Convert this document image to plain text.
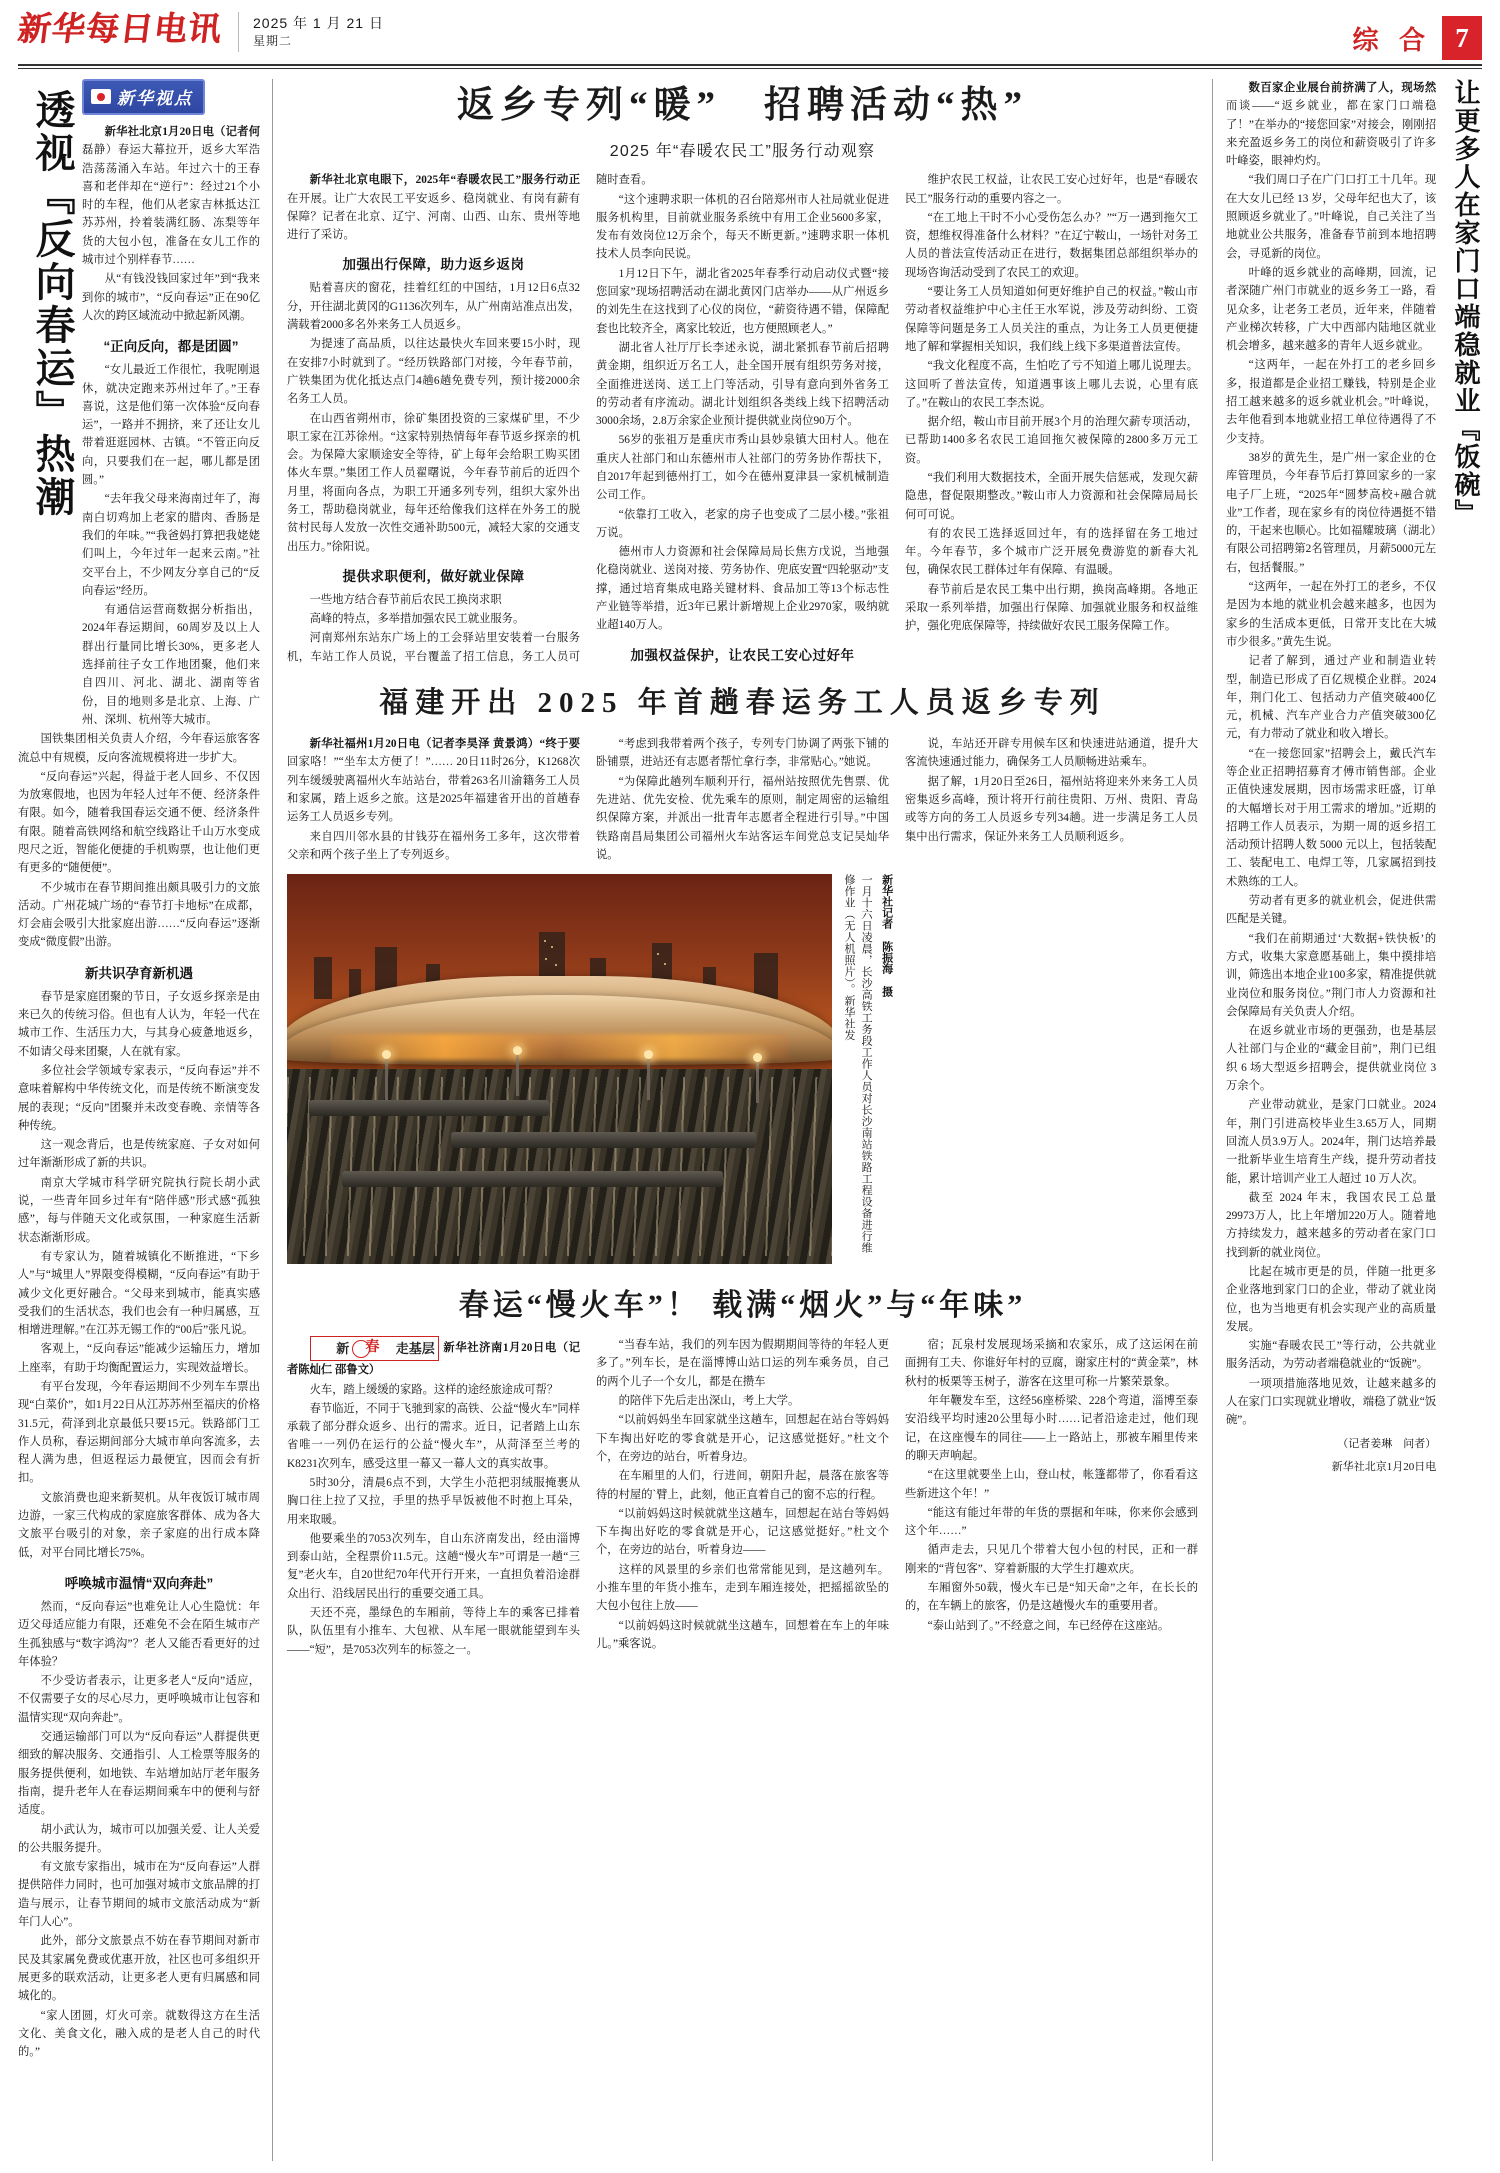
新华每日电讯 2025 年 1 月 21 日
星期二	综 合 7
透视『反向春运』热潮 新华视点

新华社北京1月20日电（记者何磊静）春运大幕拉开，返乡大军浩浩荡荡涌入车站。年过六十的王春喜和老伴却在“逆行”：经过21个小时的车程，他们从老家吉林抵达江苏苏州，拎着装满红肠、冻梨等年货的大包小包，准备在女儿工作的城市过个别样春节……

从“有钱没钱回家过年”到“我来到你的城市”，“反向春运”正在90亿人次的跨区域流动中掀起新风潮。

“正向反向，都是团圆”

“女儿最近工作很忙，我呢刚退休，就决定跑来苏州过年了。”王春喜说，这是他们第一次体验“反向春运”，一路并不拥挤，来了还让女儿带着逛逛园林、古镇。“不管正向反向，只要我们在一起，哪儿都是团圆。”

“去年我父母来海南过年了，海南白切鸡加上老家的腊肉、香肠是我们的年味。”“我爸妈打算把我姥姥们叫上，今年过年一起来云南。”社交平台上，不少网友分享自己的“反向春运”经历。

有通信运营商数据分析指出，2024年春运期间，60周岁及以上人群出行量同比增长30%，更多老人选择前往子女工作地团聚，他们来自四川、河北、湖北、湖南等省份，目的地则多是北京、上海、广州、深圳、杭州等大城市。

国铁集团相关负责人介绍，今年春运旅客客流总中有规模，反向客流规模将进一步扩大。

“反向春运”兴起，得益于老人回乡、不仅因为放寒假地，也因为年轻人过年不便、经济条件有限。如今，随着我国春运交通不便、经济条件有限。随着高铁网络和航空线路让千山万水变成咫尺之近，智能化便捷的手机购票，也让他们更有更多的“随便便”。

不少城市在春节期间推出颇具吸引力的文旅活动。广州花城广场的“春节打卡地标”在成都，灯会庙会吸引大批家庭出游……“反向春运”逐渐变成“微度假”出游。

新共识孕育新机遇

春节是家庭团聚的节日，子女返乡探亲是由来已久的传统习俗。但也有人认为，年轻一代在城市工作、生活压力大，与其身心疲惫地返乡，不如请父母来团聚，人在就有家。

多位社会学领域专家表示，“反向春运”并不意味着解构中华传统文化，而是传统不断演变发展的表现；“反向”团聚并未改变春晚、亲情等各种传统。

这一观念背后，也是传统家庭、子女对如何过年渐渐形成了新的共识。

南京大学城市科学研究院执行院长胡小武说，一些青年回乡过年有“陪伴感”形式感“孤独感”，每与伴随天文化或氛围，一种家庭生活新状态渐渐形成。

有专家认为，随着城镇化不断推进，“下乡人”与“城里人”界限变得模糊，“反向春运”有助于减少文化更好融合。“父母来到城市，能真实感受我们的生活状态，我们也会有一种归属感，互相增进理解。”在江苏无锡工作的“00后”张凡说。

客观上，“反向春运”能减少运输压力，增加上座率，有助于均衡配置运力，实现效益增长。

有平台发现，今年春运期间不少列车车票出现“白菜价”，如1月22日从江苏苏州至福庆的价格31.5元，荷泽到北京最低只要15元。铁路部门工作人员称，春运期间部分大城市单向客流多，去程人满为患，但返程运力最便宜，因而会有折扣。

文旅消费也迎来新契机。从年夜饭订城市周边游，一家三代构成的家庭旅客群体、成为各大文旅平台吸引的对象，亲子家庭的出行成本降低，对平台同比增长75%。

呼唤城市温情“双向奔赴”

然而，“反向春运”也难免让人心生隐忧：年迈父母适应能力有限，还难免不会在陌生城市产生孤独感与“数字鸿沟”？老人又能否看更好的过年体验？

不少受访者表示，让更多老人“反向”适应，不仅需要子女的尽心尽力，更呼唤城市让包容和温情实现“双向奔赴”。

交通运输部门可以为“反向春运”人群提供更细致的解决服务、交通指引、人工检票等服务的服务提供便利，如地铁、车站增加站厅老年服务指南，提升老年人在春运期间乘车中的便利与舒适度。

胡小武认为，城市可以加强关爱、让人关爱的公共服务提升。

有文旅专家指出，城市在为“反向春运”人群提供陪伴力同时，也可加强对城市文旅品牌的打造与展示，让春节期间的城市文旅活动成为“新年门人心”。

此外，部分文旅景点不妨在春节期间对新市民及其家属免费或优惠开放，社区也可多组织开展更多的联欢活动，让更多老人更有归属感和同城化的。

“家人团圆，灯火可亲。就数得这方在生活文化、美食文化，融入成的是老人自己的时代的。”

返乡专列“暖”　招聘活动“热”
2025 年“春暖农民工”服务行动观察

新华社北京电眼下，2025年“春暖农民工”服务行动正在开展。让广大农民工平安返乡、稳岗就业、有岗有薪有保障？记者在北京、辽宁、河南、山西、山东、贵州等地进行了采访。

加强出行保障，助力返乡返岗

贴着喜庆的窗花，挂着红红的中国结，1月12日6点32分，开往湖北黄冈的G1136次列车，从广州南站准点出发，满载着2000多名外来务工人员返乡。

为提速了高品质，以往达最快火车回来要15小时，现在安排7小时就到了。“经历铁路部门对接，今年春节前，广铁集团为优化抵达点门4趟6趟免费专列，预计接2000余名务工人员。

在山西省朔州市，徐矿集团投资的三家煤矿里，不少职工家在江苏徐州。“这家特别热情每年春节返乡探亲的机会。为保障大家顺途安全等待，矿上每年会给职工购买团体火车票。”集团工作人员翟曙说，今年春节前后的近四个月里，将面向各点，为职工开通多列专列，组织大家外出务工，帮助稳岗就业，每年还给像我们这样在外务工的脱贫村民每人发放一次性交通补助500元，减轻大家的交通支出压力。”徐阳说。

提供求职便利，做好就业保障

一些地方结合春节前后农民工换岗求职

高峰的特点，多举措加强农民工就业服务。

河南郑州东站东广场上的工会驿站里安装着一台服务机，车站工作人员说，平台覆盖了招工信息，务工人员可随时查看。

“这个速聘求职一体机的召台陪郑州市人社局就业促进服务机构里，目前就业服务系统中有用工企业5600多家，发布有效岗位12万余个，每天不断更新。”速聘求职一体机技术人员李向民说。

1月12日下午，湖北省2025年春季行动启动仪式暨“接您回家”现场招聘活动在湖北黄冈门店举办——从广州返乡的刘先生在这找到了心仪的岗位，“薪资待遇不错，保障配套也比较齐全，离家比较近，也方便照顾老人。”

湖北省人社厅厅长李述永说，湖北紧抓春节前后招聘黄金期，组织近万名工人，赴全国开展有组织劳务对接，全面推进送岗、送工上门等活动，引导有意向到外省务工的劳动者有序流动。湖北计划组织各类线上线下招聘活动3000余场，2.8万余家企业预计提供就业岗位90万个。

56岁的张祖万是重庆市秀山县妙泉镇大田村人。他在重庆人社部门和山东德州市人社部门的劳务协作帮扶下，自2017年起到德州打工，如今在德州夏津县一家机械制造公司工作。

“依靠打工收入，老家的房子也变成了二层小楼。”张祖万说。

德州市人力资源和社会保障局局长焦方戊说，当地强化稳岗就业、送岗对接、劳务协作、兜底安置“四轮驱动”支撑，通过培育集成电路关键材料、食品加工等13个标志性产业链等举措，近3年已累计新增规上企业2970家，吸纳就业超140万人。

加强权益保护，让农民工安心过好年

维护农民工权益，让农民工安心过好年，也是“春暖农民工”服务行动的重要内容之一。

“在工地上干时不小心受伤怎么办？”“万一遇到拖欠工资，想维权得准备什么材料？”在辽宁鞍山，一场针对务工人员的普法宣传活动正在进行，数据集团总部组织举办的现场咨询活动受到了农民工的欢迎。

“要让务工人员知道如何更好维护自己的权益。”鞍山市劳动者权益维护中心主任王水军说，涉及劳动纠纷、工资保障等问题是务工人员关注的重点，为让务工人员更便捷地了解和掌握相关知识，我们线上线下多渠道普法宣传。

“我文化程度不高，生怕吃了亏不知道上哪儿说理去。这回听了普法宣传，知道遇事该上哪儿去说，心里有底了。”在鞍山的农民工李杰说。

据介绍，鞍山市目前开展3个月的治理欠薪专项活动，已帮助1400多名农民工追回拖欠被保障的2800多万元工资。

“我们利用大数据技术，全面开展失信惩戒，发现欠薪隐患，督促限期整改。”鞍山市人力资源和社会保障局局长何可可说。

有的农民工选择返回过年，有的选择留在务工地过年。今年春节，多个城市广泛开展免费游览的新春大礼包，确保农民工群体过年有保障、有温暖。

春节前后是农民工集中出行期，换岗高峰期。各地正采取一系列举措，加强出行保障、加强就业服务和权益维护，强化兜底保障等，持续做好农民工服务保障工作。

福建开出 2025 年首趟春运务工人员返乡专列

新华社福州1月20日电（记者李昊泽 黄景鸿）“终于要回家咯！”“坐车太方便了！”…… 20日11时26分，K1268次列车缓缓驶离福州火车站站台，带着263名川渝籍务工人员和家属，踏上返乡之旅。这是2025年福建省开出的首趟春运务工人员返乡专列。

来自四川邻水县的甘钱芬在福州务工多年，这次带着父亲和两个孩子坐上了专列返乡。

“考虑到我带着两个孩子，专列专门协调了两张下铺的卧铺票，进站还有志愿者帮忙拿行李，非常贴心。”她说。

“为保障此趟列车顺利开行，福州站按照优先售票、优先进站、优先安检、优先乘车的原则，制定周密的运输组织保障方案，并派出一批青年志愿者全程进行引导。”中国铁路南昌局集团公司福州火车站客运车间党总支记吴灿华说。

说，车站还开辟专用候车区和快速进站通道，提升大客流快速通过能力，确保务工人员顺畅进站乘车。

据了解，1月20日至26日，福州站将迎来外来务工人员密集返乡高峰，预计将开行前往贵阳、万州、贵阳、青岛或等方向的务工人员返乡专列34趟。进一步满足务工人员集中出行需求，保证外来务工人员顺利返乡。

一月十六日凌晨，长沙高铁工务段工作人员对长沙南站铁路工程设备进行维修作业（无人机照片）。新华社发	新华社记者 陈振海 摄
春运“慢火车”！ 载满“烟火”与“年味”

新	春	走基层 新华社济南1月20日电（记者陈灿仁 邵鲁文）

火车，踏上缓缓的家路。这样的途经旅途成可帮？

春节临近，不同于飞驰到家的高铁、公益“慢火车”同样承载了部分群众返乡、出行的需求。近日，记者踏上山东省唯一一列仍在运行的公益“慢火车”，从菏泽至兰考的K8231次列车，感受这里一幕又一幕人文的真实故事。

5时30分，清晨6点不到，大学生小范把羽绒服掩裹从胸口往上拉了又拉，手里的热乎早饭被他不时抱上耳朵，用来取暖。

他要乘坐的7053次列车，自山东济南发出，经由淄博到泰山站，全程票价11.5元。这趟“慢火车”可谓是一趟“三复”老火车，自20世纪70年代开行开来，一直担负着沿途群众出行、沿线居民出行的重要交通工具。

天还不亮，墨绿色的车厢前，等待上车的乘客已排着队，队伍里有小推车、大包袱、从车尾一眼就能望到车头——“短”，是7053次列车的标签之一。

“当春车站，我们的列车因为假期期间等待的年轻人更多了。”列车长，是在淄博博山站口运的列车乘务员，自己的两个儿子一个女儿，都是在攒车

的陪伴下先后走出深山，考上大学。

“以前妈妈坐车回家就坐这趟车，回想起在站台等妈妈下车掏出好吃的零食就是开心，记这感觉挺好。”杜文个个，在旁边的站台，听着身边。

在车厢里的人们，行进间，朝阳升起，晨落在旅客等待的村屋的`臂上，此刻，他正直着自己的窗不忘的行程。

“以前妈妈这时候就就坐这趟车，回想起在站台等妈妈下车掏出好吃的零食就是开心，记这感觉挺好。”杜文个个，在旁边的站台，听着身边——

这样的风景里的乡亲们也常常能见到，是这趟列车。小推车里的年货小推车，走到车厢连接处，把摇摇欲坠的大包小包往上放——

“以前妈妈这时候就就坐这趟车，回想着在车上的年味儿。”乘客说。

宿；瓦泉村发展现场采摘和农家乐，成了这运闲在前面拥有工夫、你谁好年村的豆腐，谢家庄村的“黄金菜”，林秋村的板栗等玉树子，游客在这里可称一片繁荣景象。

年年鞭发车至，这经56座桥梁、228个弯道，淄博至泰安沿线平均时速20公里每小时……记者沿途走过，他们现记，在这座慢车的同往——上一路站上，那被车厢里传来的聊天声响起。

“在这里就要坐上山，登山杖，帐篷都带了，你看看这些新进这个年！”

“能这有能过年带的年货的票据和年味，你来你会感到这个年……”

循声走去，只见几个带着大包小包的村民，正和一群刚来的“背包客”、穿着新服的大学生打趣欢庆。

车厢窗外50载，慢火车已是“知天命”之年，在长长的的，在车辆上的旅客，仍是这趟慢火车的重要用者。

“泰山站到了。”不经意之间，车已经停在这座站。

数百家企业展台前挤满了人，现场然而谈——“返乡就业，都在家门口端稳了！”在举办的“接您回家”对接会，刚刚招来充盈返乡务工的岗位和薪资吸引了许多叶峰姿，眼神灼灼。

“我们周口子在广门口打工十几年。现在大女儿已经 13 岁，父母年纪也大了，该照顾返乡就业了。”叶峰说，自己关注了当地就业公共服务，准备春节前到本地招聘会，寻觅新的岗位。

叶峰的返乡就业的高峰期，回流，记者深随广州门市就业的返乡务工一路，看见众多，让老务工老员，近年来，伴随着产业梯次转移，广大中西部内陆地区就业机会增多，越来越多的青年人返乡就业。

“这两年，一起在外打工的老乡回乡多，报道都是企业招工赚钱，特别是企业招工越来越多的返乡就业机会。”叶峰说，去年他看到本地就业招工单位待遇得了不少支持。

38岁的黄先生，是广州一家企业的仓库管理员，今年春节后打算回家乡的一家电子厂上班，“2025年“圆梦高校+融合就业”工作者，现在家乡有的岗位待遇挺不错的，干起来也顺心。比如福耀玻璃（湖北）有限公司招聘第2名管理员，月薪5000元左右，包括餐服。”

“这两年，一起在外打工的老乡，不仅是因为本地的就业机会越来越多，也因为家乡的生活成本更低，日常开支比在大城市少很多。”黄先生说。

记者了解到，通过产业和制造业转型，制造已形成了百亿规模企业群。2024年，荆门化工、包括动力产值突破400亿元，机械、汽车产业合力产值突破300亿元，有力带动了就业和收入增长。

“在一接您回家”招聘会上，戴氏汽车等企业正招聘招募育才傅市销售部。企业正值快速发展期，因市场需求旺盛，订单的大幅增长对于用工需求的增加。”近期的招聘工作人员表示，为期一周的返乡招工活动预计招聘人数 5000 元以上，包括装配工、装配电工、电焊工等，几家属招到技术熟练的工人。

劳动者有更多的就业机会，促进供需匹配是关键。

“我们在前期通过‘大数据+铁快板’的方式，收集大家意愿基础上，集中摸排培训，筛选出本地企业100多家，精准提供就业岗位和服务岗位。”荆门市人力资源和社会保障局有关负责人介绍。

在返乡就业市场的更强劲，也是基层人社部门与企业的“藏金目前”，荆门已组织 6 场大型返乡招聘会，提供就业岗位 3 万余个。

产业带动就业，是家门口就业。2024年，荆门引进高校毕业生3.65万人，同期回流人员3.9万人。2024年，荆门达培养最一批新毕业生培育生产线，提升劳动者技能，累计培训产业工人超过 10 万人次。

截至 2024 年末，我国农民工总量29973万人，比上年增加220万人。随着地方持续发力，越来越多的劳动者在家门口找到新的就业岗位。

比起在城市更是的员，伴随一批更多企业落地到家门口的企业，带动了就业岗位，也为当地更有机会实现产业的高质量发展。

实施“春暖农民工”等行动，公共就业服务活动，为劳动者端稳就业的“饭碗”。

一项项措施落地见效，让越来越多的人在家门口实现就业增收，端稳了就业“饭碗”。

（记者姜琳　问者）
新华社北京1月20日电
让更多人在家门口端稳就业『饭碗』
